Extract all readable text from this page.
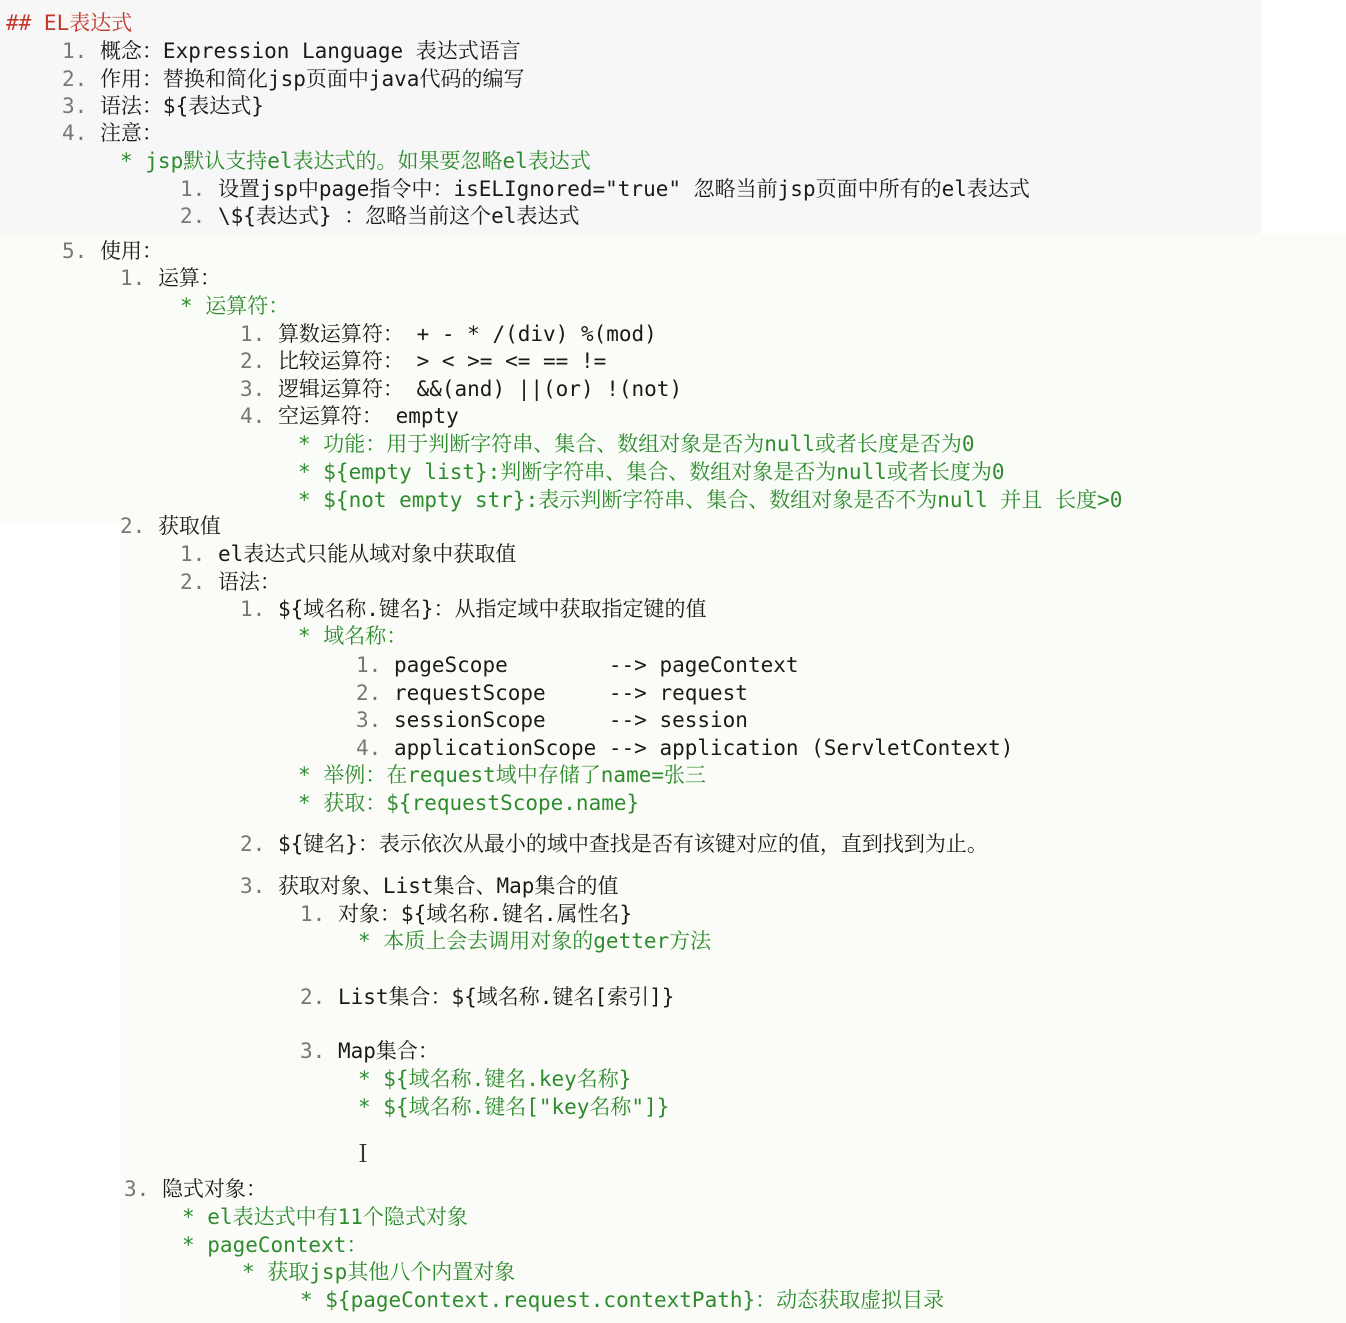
## EL表达式
1. 概念：Expression Language 表达式语言
2. 作用：替换和简化jsp页面中java代码的编写
3. 语法：${表达式}
4. 注意：
* jsp默认支持el表达式的。如果要忽略el表达式
1. 设置jsp中page指令中：isELIgnored="true" 忽略当前jsp页面中所有的el表达式
2. \${表达式} ：忽略当前这个el表达式
5. 使用：
1. 运算：
* 运算符：
1. 算数运算符： + - * /(div) %(mod)
2. 比较运算符： > < >= <= == !=
3. 逻辑运算符： &&(and) ||(or) !(not)
4. 空运算符： empty
* 功能：用于判断字符串、集合、数组对象是否为null或者长度是否为0
* ${empty list}:判断字符串、集合、数组对象是否为null或者长度为0
* ${not empty str}:表示判断字符串、集合、数组对象是否不为null 并且 长度>0
2. 获取值
1. el表达式只能从域对象中获取值
2. 语法：
1. ${域名称.键名}：从指定域中获取指定键的值
* 域名称：
1. pageScope        --> pageContext
2. requestScope     --> request
3. sessionScope     --> session
4. applicationScope --> application (ServletContext)
* 举例：在request域中存储了name=张三
* 获取：${requestScope.name}
2. ${键名}：表示依次从最小的域中查找是否有该键对应的值，直到找到为止。
3. 获取对象、List集合、Map集合的值
1. 对象：${域名称.键名.属性名}
* 本质上会去调用对象的getter方法
2. List集合：${域名称.键名[索引]}
3. Map集合：
* ${域名称.键名.key名称}
* ${域名称.键名["key名称"]}
3. 隐式对象：
* el表达式中有11个隐式对象
* pageContext：
* 获取jsp其他八个内置对象
* ${pageContext.request.contextPath}：动态获取虚拟目录
Ｉ
